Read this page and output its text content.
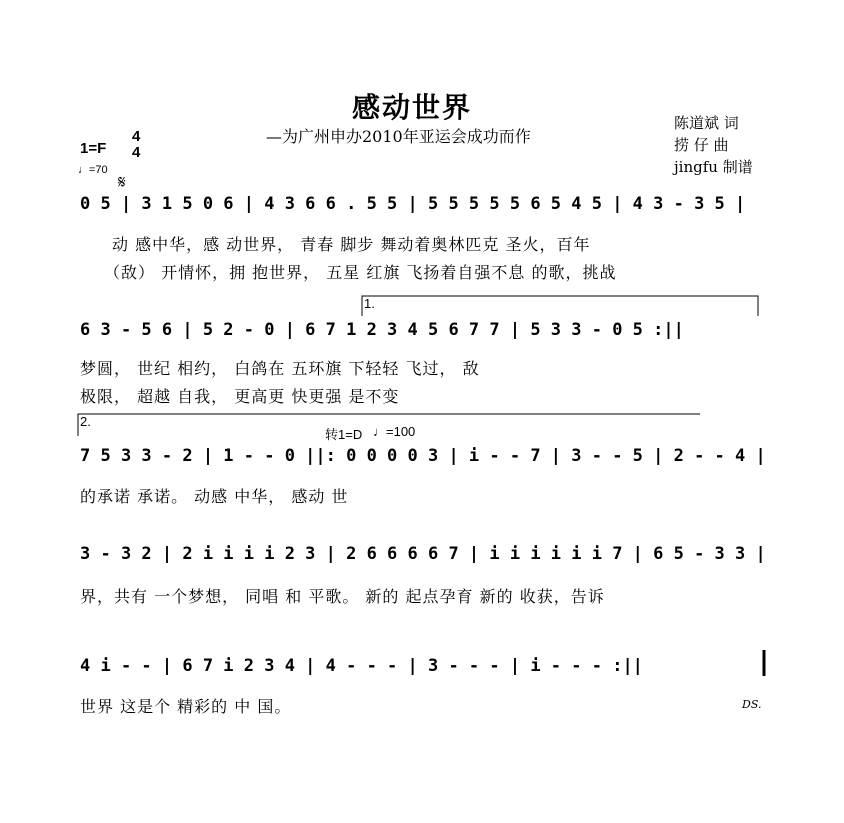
感动世界
—为广州申办2010年亚运会成功而作
陈道斌 词
捞 仔 曲
jingfu 制谱
1=F
4
4
♩=70
𝄋
0 5 | 3 1 5 0 6 | 4 3 6 6 . 5 5 | 5 5 5 5 5 6 5 4 5 | 4 3 - 3 5 |
动 感中华，感 动世界， 青春 脚步 舞动着奥林匹克 圣火，百年
（敌） 开情怀，拥 抱世界， 五星 红旗 飞扬着自强不息 的歌，挑战
1.
6 3 - 5 6 | 5 2 - 0 | 6 7 1 2 3 4 5 6 7 7 | 5 3 3 - 0 5 :||
梦圆， 世纪 相约， 白鸽在 五环旗 下轻轻 飞过， 敌
极限， 超越 自我， 更高更 快更强 是不变
2.
转1=D ♩=100
7 5 3 3 - 2 | 1 - - 0 ||: 0 0 0 0 3 | i - - 7 | 3 - - 5 | 2 - - 4 |
的承诺 承诺。 动感 中华， 感动 世
3 - 3 2 | 2 i i i i 2 3 | 2 6 6 6 6 7 | i i i i i i 7 | 6 5 - 3 3 |
界，共有 一个梦想， 同唱 和 平歌。 新的 起点孕育 新的 收获，告诉
4 i - - | 6 7 i 2 3 4 | 4 - - - | 3 - - - | i - - - :||
世界 这是个 精彩的 中 国。	DS.
